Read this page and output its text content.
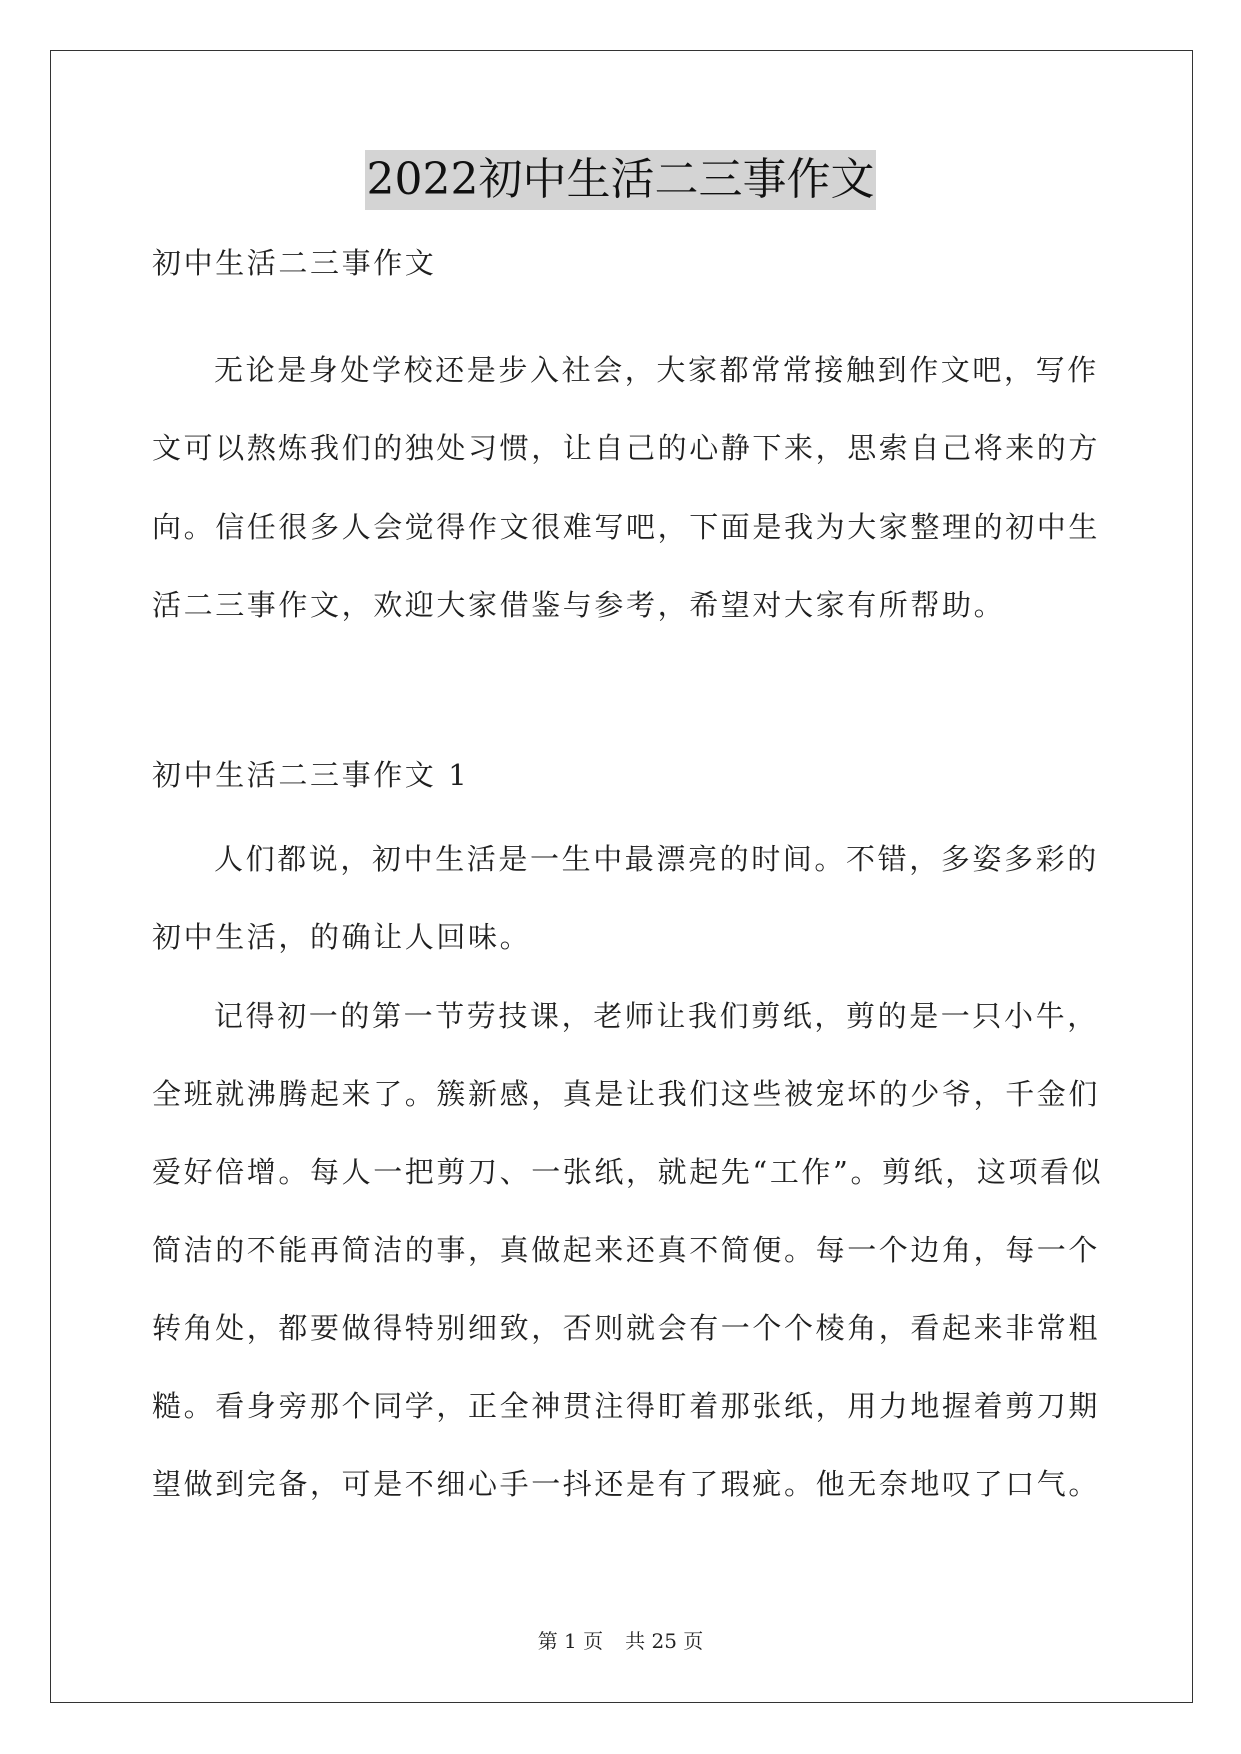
2022初中生活二三事作文
初中生活二三事作文
无论是身处学校还是步入社会，大家都常常接触到作文吧，写作
文可以熬炼我们的独处习惯，让自己的心静下来，思索自己将来的方
向。信任很多人会觉得作文很难写吧，下面是我为大家整理的初中生
活二三事作文，欢迎大家借鉴与参考，希望对大家有所帮助。
初中生活二三事作文 1
人们都说，初中生活是一生中最漂亮的时间。不错，多姿多彩的
初中生活，的确让人回味。
记得初一的第一节劳技课，老师让我们剪纸，剪的是一只小牛，
全班就沸腾起来了。簇新感，真是让我们这些被宠坏的少爷，千金们
爱好倍增。每人一把剪刀、一张纸，就起先“工作”。剪纸，这项看似
简洁的不能再简洁的事，真做起来还真不简便。每一个边角，每一个
转角处，都要做得特别细致，否则就会有一个个棱角，看起来非常粗
糙。看身旁那个同学，正全神贯注得盯着那张纸，用力地握着剪刀期
望做到完备，可是不细心手一抖还是有了瑕疵。他无奈地叹了口气。
第 1 页 共 25 页
